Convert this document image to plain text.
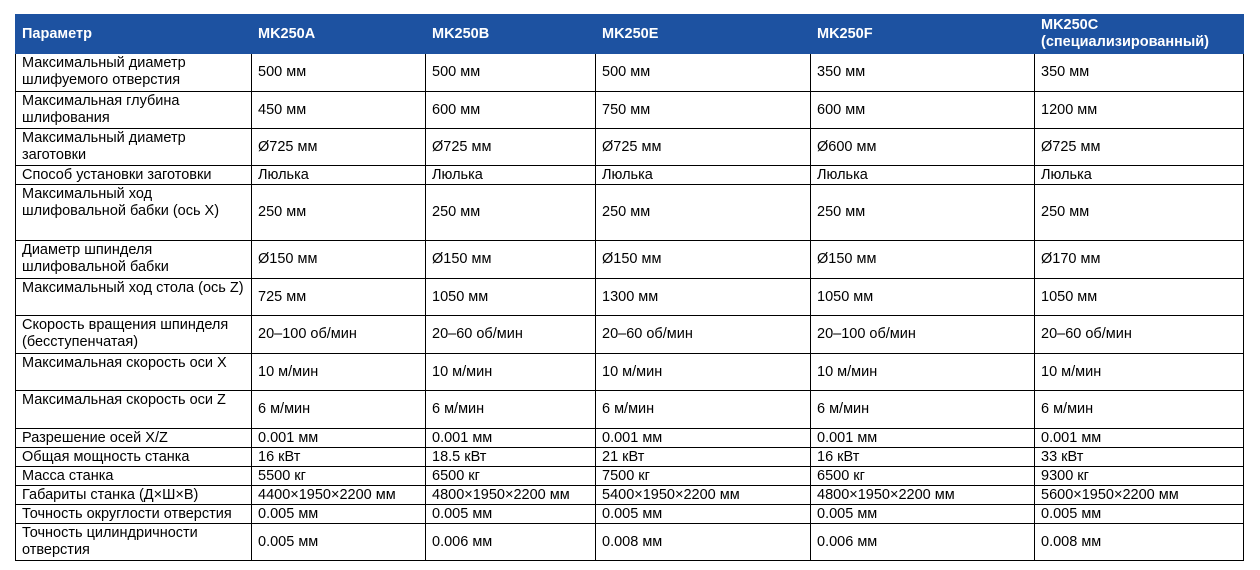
Параметр	MK250A	MK250B	MK250E	MK250F	MK250C (специализированный)
Максимальный диаметр шлифуемого отверстия	500 мм	500 мм	500 мм	350 мм	350 мм
Максимальная глубина шлифования	450 мм	600 мм	750 мм	600 мм	1200 мм
Максимальный диаметр заготовки	Ø725 мм	Ø725 мм	Ø725 мм	Ø600 мм	Ø725 мм
Способ установки заготовки	Люлька	Люлька	Люлька	Люлька	Люлька
Максимальный ход шлифовальной бабки (ось X)	250 мм	250 мм	250 мм	250 мм	250 мм
Диаметр шпинделя шлифовальной бабки	Ø150 мм	Ø150 мм	Ø150 мм	Ø150 мм	Ø170 мм
Максимальный ход стола (ось Z)	725 мм	1050 мм	1300 мм	1050 мм	1050 мм
Скорость вращения шпинделя (бесступенчатая)	20–100 об/мин	20–60 об/мин	20–60 об/мин	20–100 об/мин	20–60 об/мин
Максимальная скорость оси X	10 м/мин	10 м/мин	10 м/мин	10 м/мин	10 м/мин
Максимальная скорость оси Z	6 м/мин	6 м/мин	6 м/мин	6 м/мин	6 м/мин
Разрешение осей X/Z	0.001 мм	0.001 мм	0.001 мм	0.001 мм	0.001 мм
Общая мощность станка	16 кВт	18.5 кВт	21 кВт	16 кВт	33 кВт
Масса станка	5500 кг	6500 кг	7500 кг	6500 кг	9300 кг
Габариты станка (Д×Ш×В)	4400×1950×2200 мм	4800×1950×2200 мм	5400×1950×2200 мм	4800×1950×2200 мм	5600×1950×2200 мм
Точность округлости отверстия	0.005 мм	0.005 мм	0.005 мм	0.005 мм	0.005 мм
Точность цилиндричности отверстия	0.005 мм	0.006 мм	0.008 мм	0.006 мм	0.008 мм
